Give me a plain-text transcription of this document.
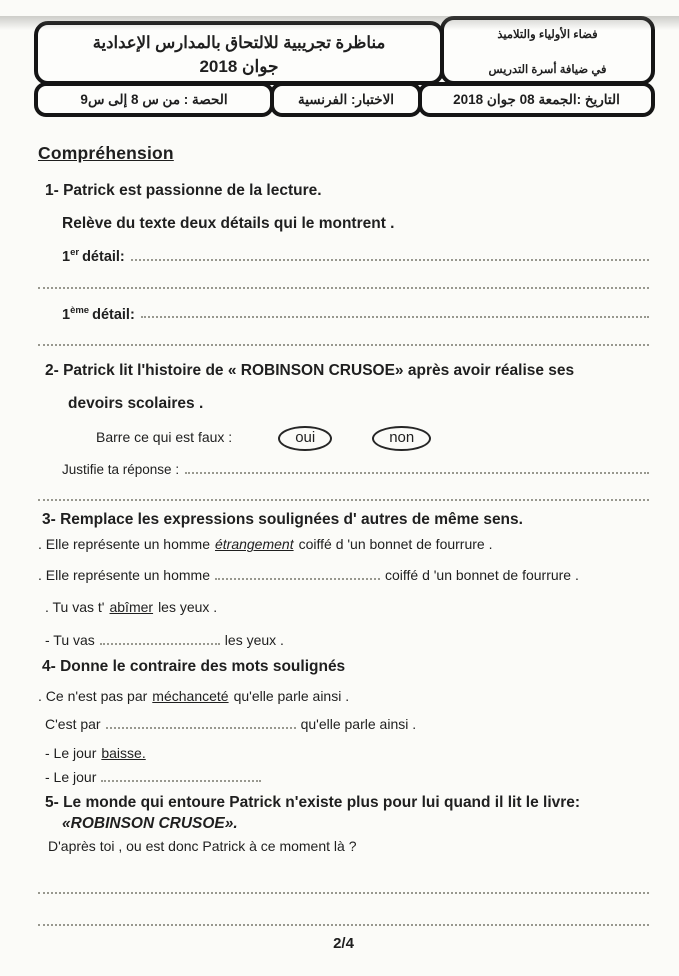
مناظرة تجريبية للالتحاق بالمدارس الإعدادية
جوان 2018
فضاء الأولياء والتلاميذ
في ضيافة أسرة التدريس
الحصة : من س 8 إلى س9	الاختبار: الفرنسية	التاريخ :الجمعة 08 جوان 2018
Compréhension

1- Patrick est passionne de la lecture.

Relève du texte deux détails qui le montrent .

1er détail:
1ème détail:

2- Patrick lit l'histoire de « ROBINSON CRUSOE» après avoir réalise ses

devoirs scolaires .

Barre ce qui est faux :	oui	non
Justifie ta réponse :

3- Remplace les expressions soulignées d' autres de même sens.

. Elle représente un homme étrangement coiffé d 'un bonnet de fourrure .

. Elle représente un homme	coiffé d 'un bonnet de fourrure .

. Tu vas t' abîmer les yeux .

- Tu vas	les yeux .

4- Donne le contraire des mots soulignés

. Ce n'est pas par méchanceté qu'elle parle ainsi .

C'est par	qu'elle parle ainsi .

- Le jour baisse.

- Le jour

5- Le monde qui entoure Patrick n'existe plus pour lui quand il lit le livre:

«ROBINSON CRUSOE».

D'après toi , ou est donc Patrick à ce moment là ?

2/4
